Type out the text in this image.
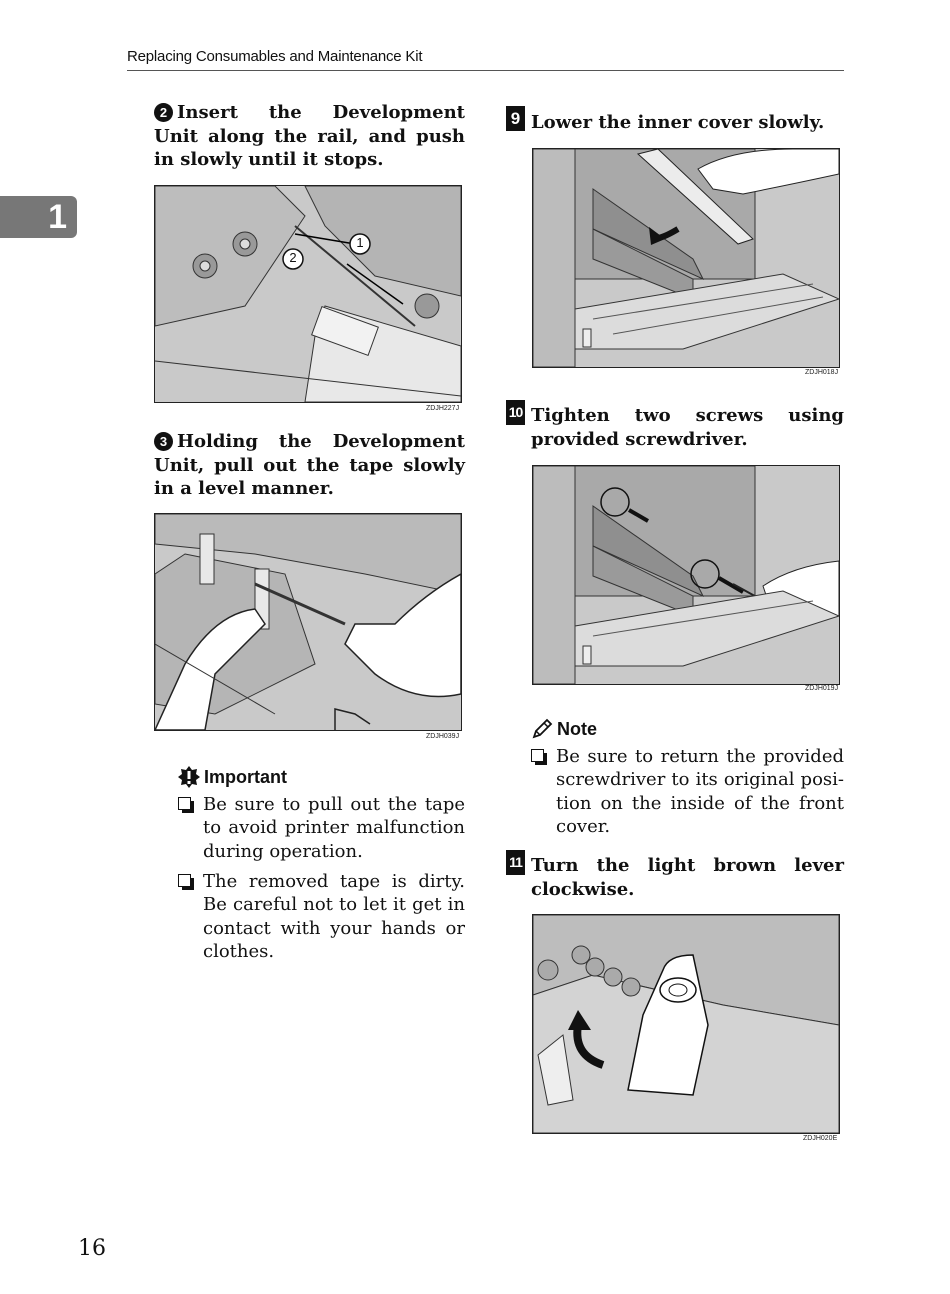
Replacing Consumables and Maintenance Kit
1
2 Insert the Development Unit along the rail, and push in slowly until it stops.
1
2
ZDJH227J
3 Holding the Development Unit, pull out the tape slowly in a level manner.
ZDJH039J
Important
Be sure to pull out the tape to avoid printer malfunction during operation.
The removed tape is dirty. Be careful not to let it get in contact with your hands or clothes.
9 Lower the inner cover slowly.
ZDJH018J
10 Tighten two screws using provided screwdriver.
ZDJH019J
Note
Be sure to return the provided screwdriver to its original position on the inside of the front cover.
11 Turn the light brown lever clockwise.
ZDJH020E
16
